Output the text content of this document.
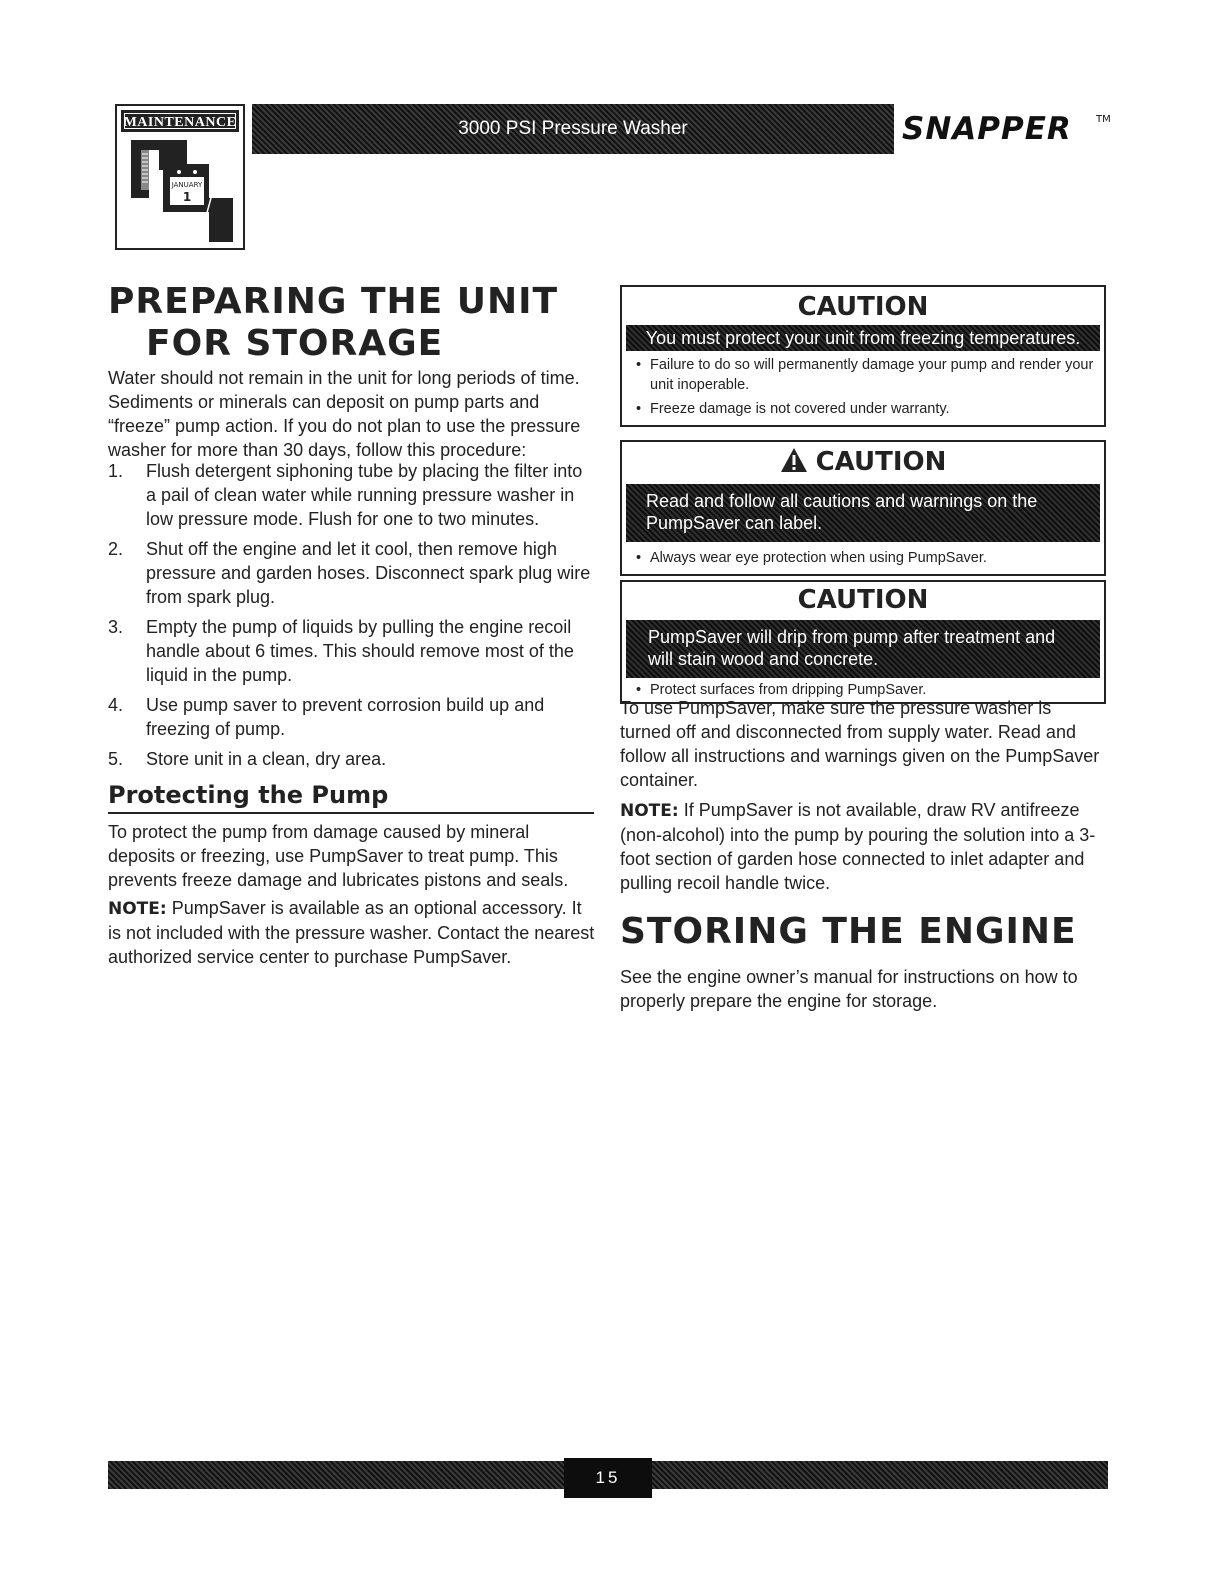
MAINTENANCE
JANUARY
1
3000 PSI Pressure Washer	SNAPPER TM
PREPARING THE UNIT
FOR STORAGE
Water should not remain in the unit for long periods of time. Sediments or minerals can deposit on pump parts and “freeze” pump action. If you do not plan to use the pressure washer for more than 30 days, follow this procedure:
1. Flush detergent siphoning tube by placing the filter into a pail of clean water while running pressure washer in low pressure mode. Flush for one to two minutes.
2. Shut off the engine and let it cool, then remove high pressure and garden hoses. Disconnect spark plug wire from spark plug.
3. Empty the pump of liquids by pulling the engine recoil handle about 6 times. This should remove most of the liquid in the pump.
4. Use pump saver to prevent corrosion build up and freezing of pump.
5. Store unit in a clean, dry area.
Protecting the Pump
To protect the pump from damage caused by mineral deposits or freezing, use PumpSaver to treat pump. This prevents freeze damage and lubricates pistons and seals.
NOTE: PumpSaver is available as an optional accessory. It is not included with the pressure washer. Contact the nearest authorized service center to purchase PumpSaver.
CAUTION
You must protect your unit from freezing temperatures.
• Failure to do so will permanently damage your pump and render your unit inoperable.
• Freeze damage is not covered under warranty.
CAUTION
Read and follow all cautions and warnings on the PumpSaver can label.
• Always wear eye protection when using PumpSaver.
CAUTION
PumpSaver will drip from pump after treatment and will stain wood and concrete.
• Protect surfaces from dripping PumpSaver.
To use PumpSaver, make sure the pressure washer is turned off and disconnected from supply water. Read and follow all instructions and warnings given on the PumpSaver container.
NOTE: If PumpSaver is not available, draw RV antifreeze (non-alcohol) into the pump by pouring the solution into a 3-foot section of garden hose connected to inlet adapter and pulling recoil handle twice.
STORING THE ENGINE
See the engine owner’s manual for instructions on how to properly prepare the engine for storage.
15
